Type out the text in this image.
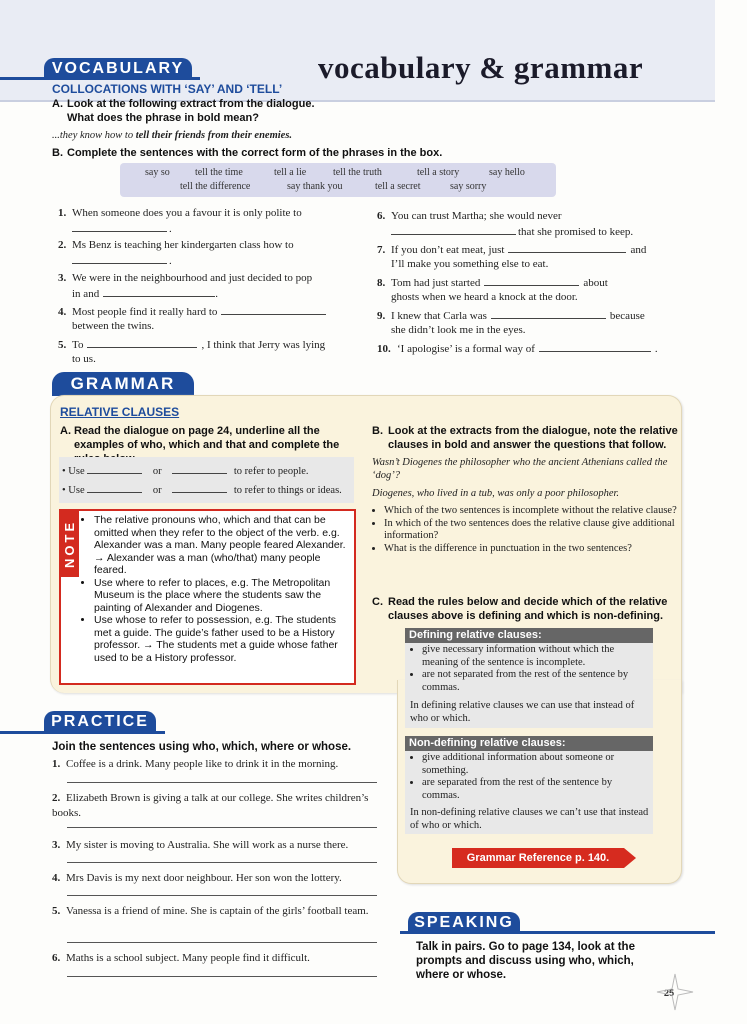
vocabulary & grammar
VOCABULARY
COLLOCATIONS WITH ‘SAY’ AND ‘TELL’
A. Look at the following extract from the dialogue. What does the phrase in bold mean?
...they know how to tell their friends from their enemies.
B. Complete the sentences with the correct form of the phrases in the box.
say so	tell the time	tell a lie	tell the truth	tell a story	say hello
tell the difference	say thank you	tell a secret	say sorry
1. When someone does you a favour it is only polite to
.
2. Ms Benz is teaching her kindergarten class how to
.
3. We were in the neighbourhood and just decided to pop
in and	.
4. Most people find it really hard to
between the twins.
5. To	, I think that Jerry was lying
to us.
6. You can trust Martha; she would never
that she promised to keep.
7. If you don’t eat meat, just	and
I’ll make you something else to eat.
8. Tom had just started	about
ghosts when we heard a knock at the door.
9. I knew that Carla was	because
she didn’t look me in the eyes.
10. ‘I apologise’ is a formal way of	.
GRAMMAR
RELATIVE CLAUSES
A. Read the dialogue on page 24, underline all the examples of who, which and that and complete the
• Use	or	to refer to people.
• Use	or	to refer to things or ideas.
NOTE
• The relative pronouns who, which and that can be omitted when they refer to the object of the verb. e.g. Alexander was a man. Many people feared Alexander. → Alexander was a man (who/that) many people feared.
• Use where to refer to places, e.g. The Metropolitan Museum is the place where the students saw the painting of Alexander and Diogenes.
• Use whose to refer to possession, e.g. The students met a guide. The guide’s father used to be a History professor. → The students met a guide whose father used to be a History professor.
B. Look at the extracts from the dialogue, note the relative clauses in bold and answer the questions that follow.
Wasn’t Diogenes the philosopher who the ancient Athenians called the ‘dog’?
Diogenes, who lived in a tub, was only a poor philosopher.
• Which of the two sentences is incomplete without the relative clause?
• In which of the two sentences does the relative clause give additional information?
• What is the difference in punctuation in the two sentences?
C. Read the rules below and decide which of the relative clauses above is defining and which is non-defining.
Defining relative clauses:
• give necessary information without which the meaning of the sentence is incomplete.
• are not separated from the rest of the sentence by commas.
In defining relative clauses we can use that instead of who or which.
Non-defining relative clauses:
• give additional information about someone or something.
• are separated from the rest of the sentence by commas.
In non-defining relative clauses we can’t use that instead of who or which.
Grammar Reference p. 140.
PRACTICE
Join the sentences using who, which, where or whose.
1. Coffee is a drink. Many people like to drink it in the morning.
2. Elizabeth Brown is giving a talk at our college. She writes children’s books.
3. My sister is moving to Australia. She will work as a nurse there.
4. Mrs Davis is my next door neighbour. Her son won the lottery.
5. Vanessa is a friend of mine. She is captain of the girls’ football team.
6. Maths is a school subject. Many people find it difficult.
SPEAKING
Talk in pairs. Go to page 134, look at the prompts and discuss using who, which, where or whose.
25
